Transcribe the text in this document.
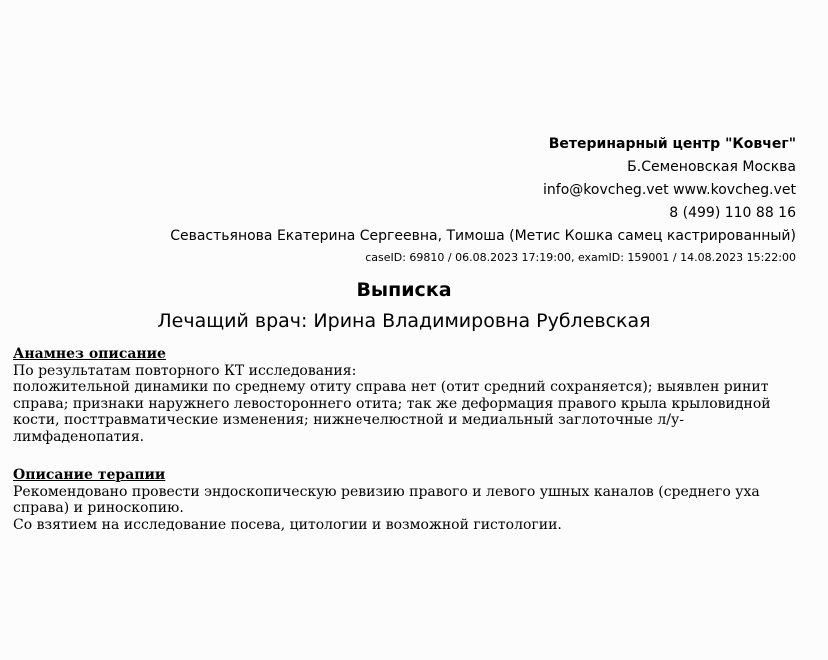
Ветеринарный центр "Ковчег"
Б.Семеновская Москва
info@kovcheg.vet www.kovcheg.vet
8 (499) 110 88 16
Севастьянова Екатерина Сергеевна, Тимоша (Метис Кошка самец кастрированный)
caseID: 69810 / 06.08.2023 17:19:00, examID: 159001 / 14.08.2023 15:22:00
Выписка
Лечащий врач: Ирина Владимировна Рублевская
Анамнез описание

По результатам повторного КТ исследования:

положительной динамики по среднему отиту справа нет (отит средний сохраняется); выявлен ринит справа; признаки наружнего левостороннего отита; так же деформация правого крыла крыловидной кости, посттравматические изменения; нижнечелюстной и медиальный заглоточные л/у- лимфаденопатия.

Описание терапии

Рекомендовано провести эндоскопическую ревизию правого и левого ушных каналов (среднего уха справа) и риноскопию.

Со взятием на исследование посева, цитологии и возможной гистологии.
